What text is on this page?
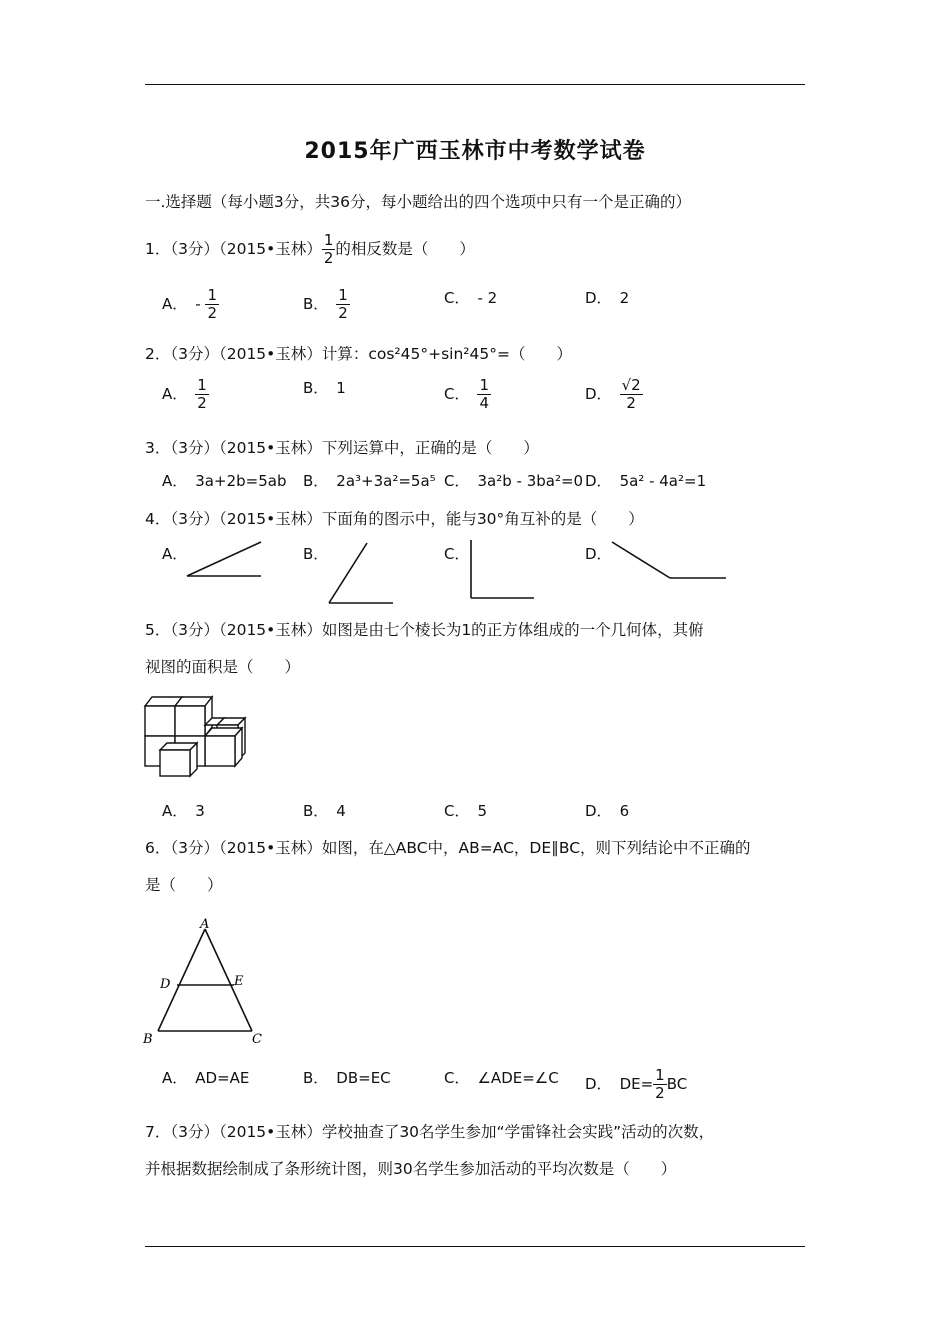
2015年广西玉林市中考数学试卷
一.选择题（每小题3分，共36分，每小题给出的四个选项中只有一个是正确的）
1．（3分）（2015•玉林） $\frac{1}{2}$ 的相反数是（　　）
A． - $\frac{1}{2}$	B． $\frac{1}{2}$	C． - 2	D． 2
2．（3分）（2015•玉林）计算：cos²45°+sin²45°=（　　）
A． $\frac{1}{2}$	B． 1	C． $\frac{1}{4}$	D． $\frac{√2}{2}$
3．（3分）（2015•玉林）下列运算中，正确的是（　　）
A． 3a+2b=5ab B． 2a³+3a²=5a⁵ C． 3a²b - 3ba²=0 D． 5a² - 4a²=1
4．（3分）（2015•玉林）下面角的图示中，能与30°角互补的是（　　）
A．	B．	C．	D．
5．（3分）（2015•玉林）如图是由七个棱长为1的正方体组成的一个几何体，其俯
视图的面积是（　　）
A． 3	B． 4	C． 5	D． 6
6．（3分）（2015•玉林）如图，在△ABC中，AB=AC，DE∥BC，则下列结论中不正确的
是（　　）
A
D	E
B	C
A． AD=AE	B． DB=EC	C． ∠ADE=∠C D． $DE= \frac{1}{2}$ BC
7．（3分）（2015•玉林）学校抽查了30名学生参加“学雷锋社会实践”活动的次数，
并根据数据绘制成了条形统计图，则30名学生参加活动的平均次数是（　　）
